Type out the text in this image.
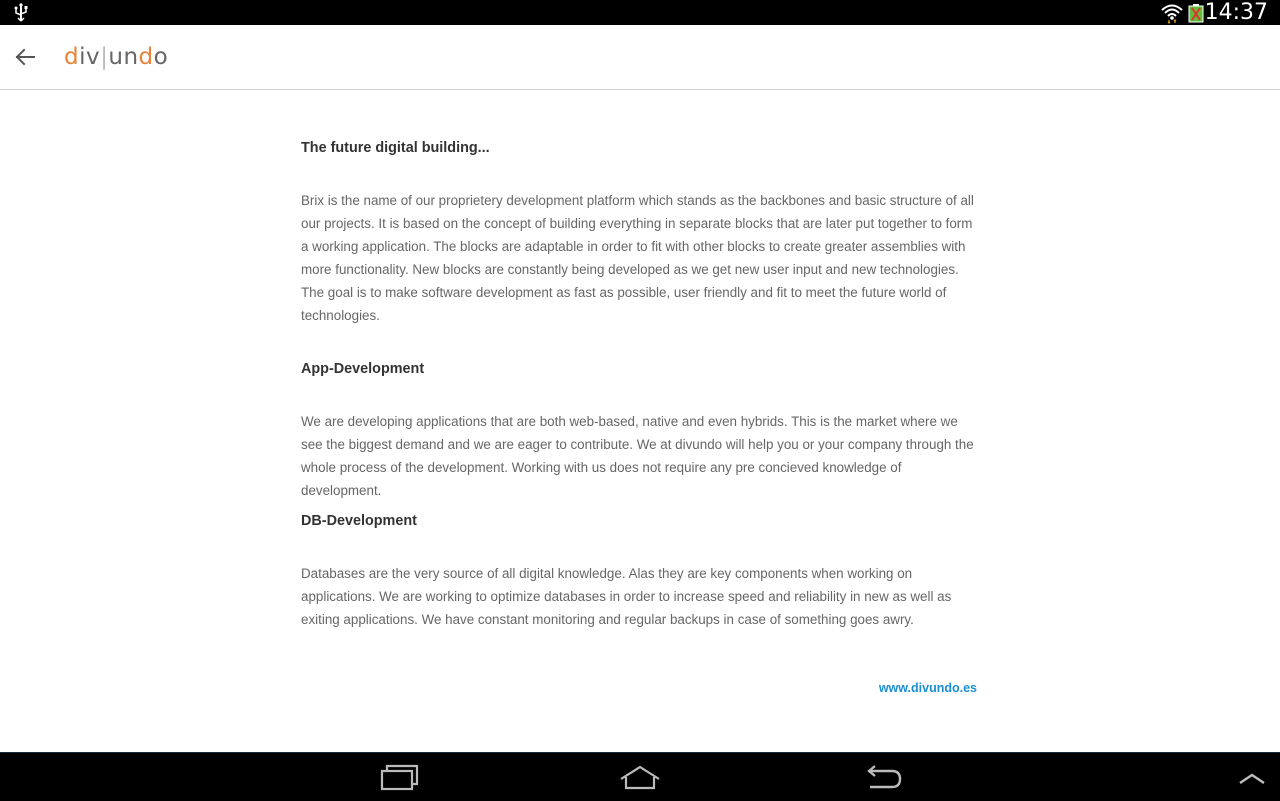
14:37
div|undo
The future digital building...

Brix is the name of our proprietery development platform which stands as the backbones and basic structure of all our projects. It is based on the concept of building everything in separate blocks that are later put together to form a working application. The blocks are adaptable in order to fit with other blocks to create greater assemblies with more functionality. New blocks are constantly being developed as we get new user input and new technologies. The goal is to make software development as fast as possible, user friendly and fit to meet the future world of technologies.

App-Development

We are developing applications that are both web-based, native and even hybrids. This is the market where we see the biggest demand and we are eager to contribute. We at divundo will help you or your company through the whole process of the development. Working with us does not require any pre concieved knowledge of development.

DB-Development

Databases are the very source of all digital knowledge. Alas they are key components when working on applications. We are working to optimize databases in order to increase speed and reliability in new as well as exiting applications. We have constant monitoring and regular backups in case of something goes awry.

www.divundo.es
